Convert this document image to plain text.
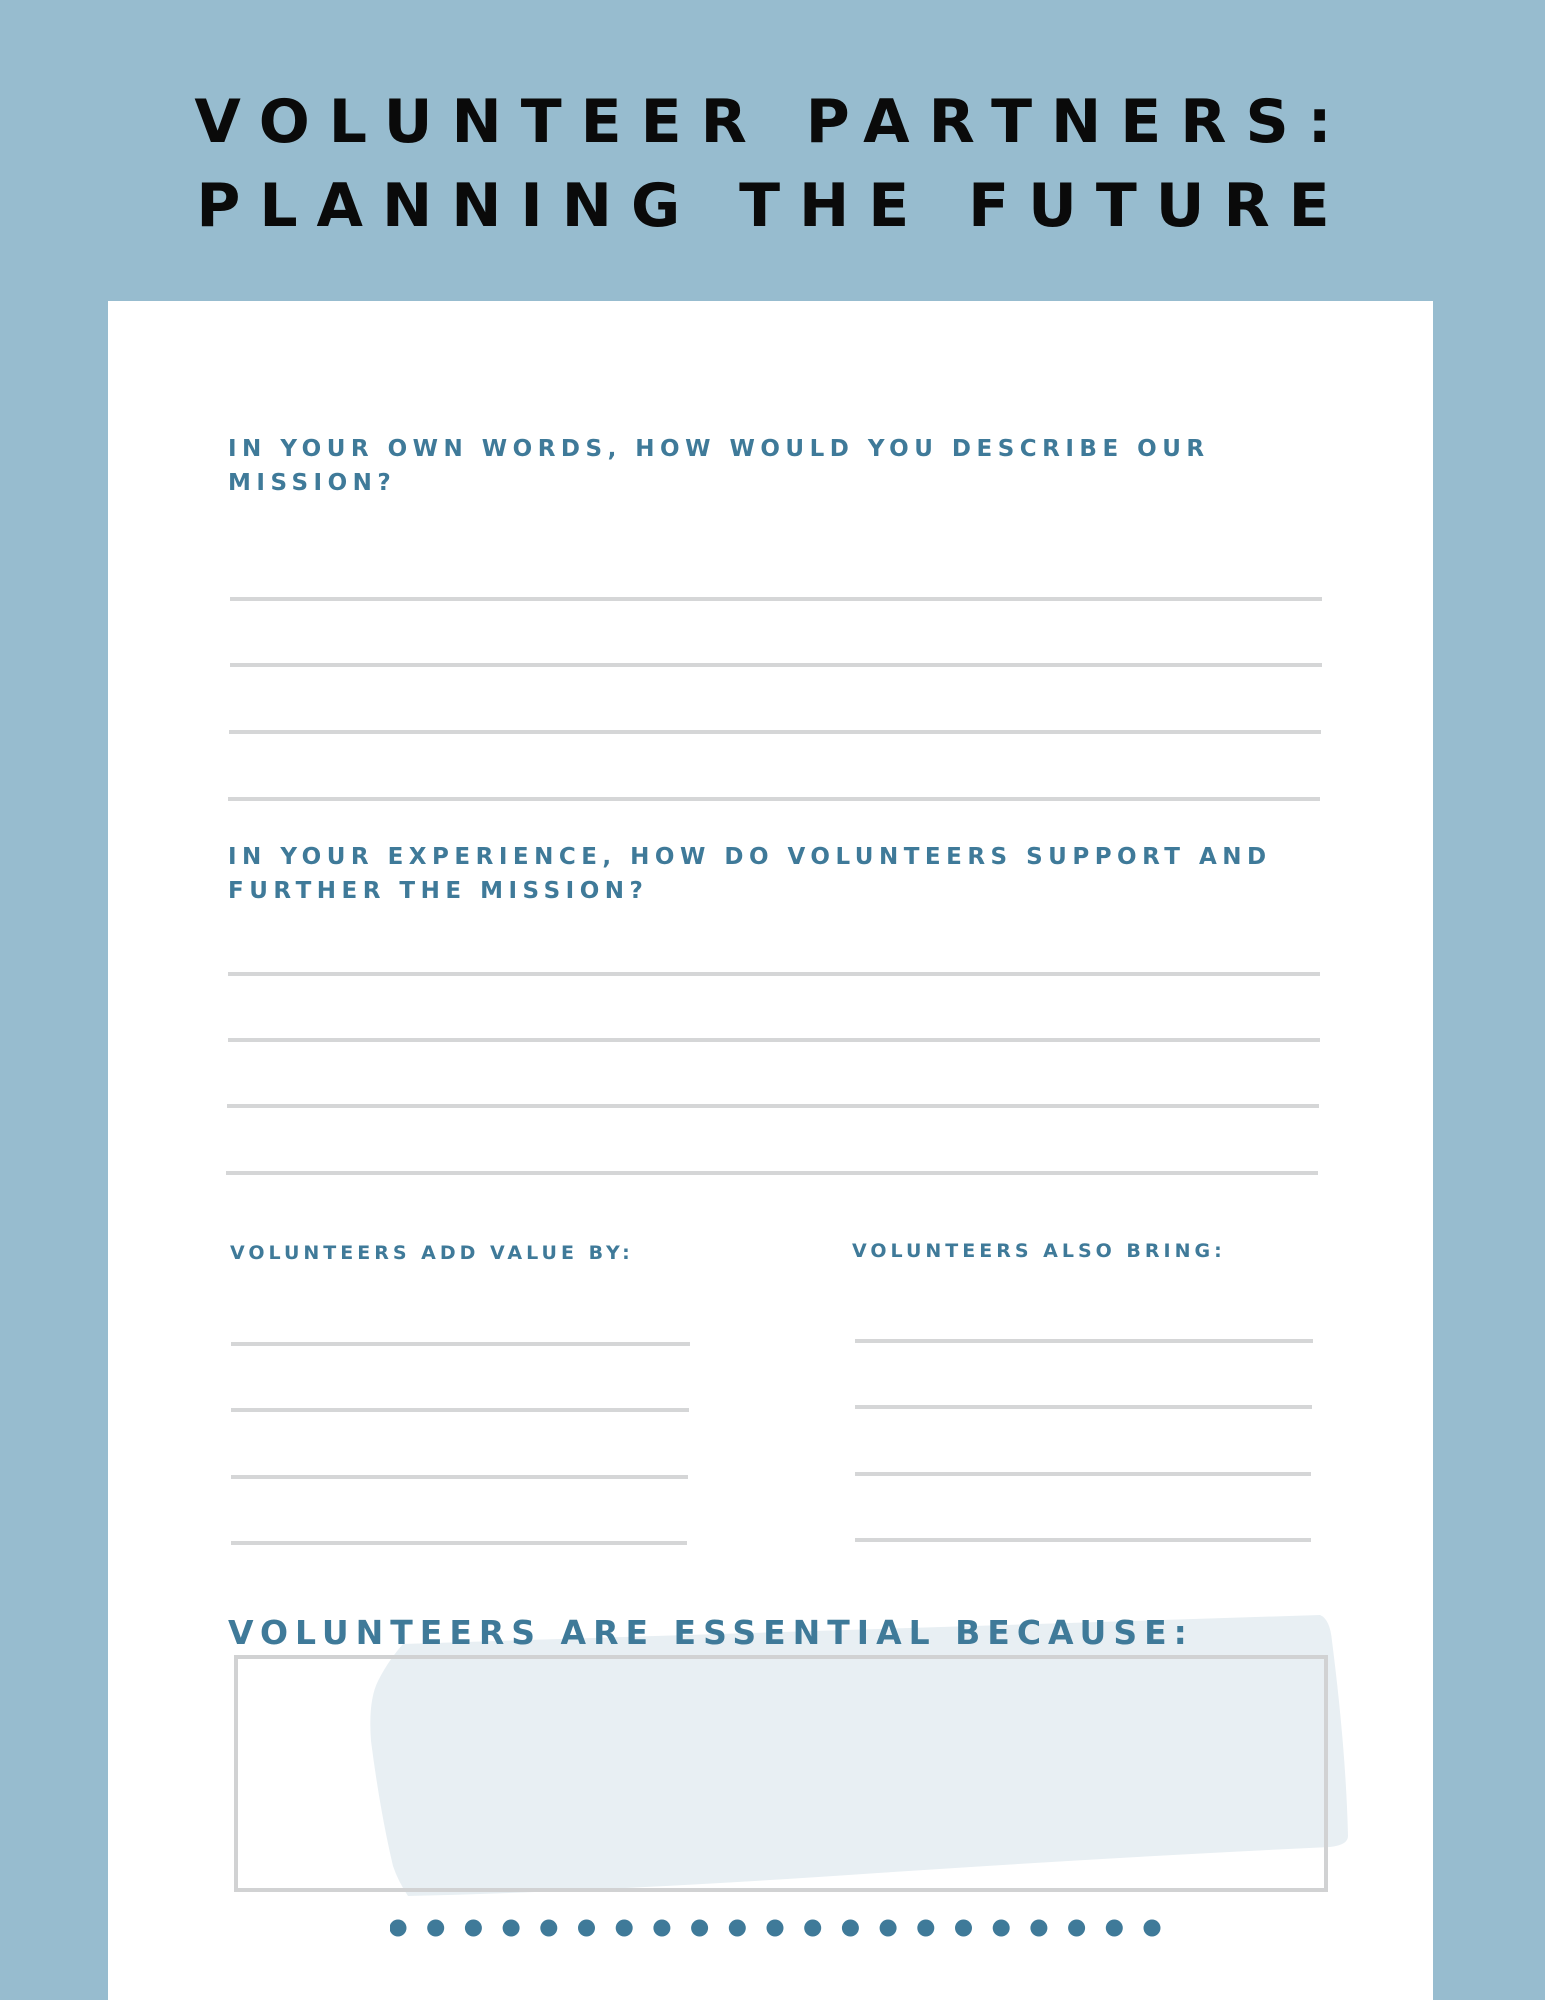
VOLUNTEER PARTNERS:
PLANNING THE FUTURE

IN YOUR OWN WORDS, HOW WOULD YOU DESCRIBE OUR MISSION?

IN YOUR EXPERIENCE, HOW DO VOLUNTEERS SUPPORT AND FURTHER THE MISSION?

VOLUNTEERS ADD VALUE BY:	VOLUNTEERS ALSO BRING:

VOLUNTEERS ARE ESSENTIAL BECAUSE:
